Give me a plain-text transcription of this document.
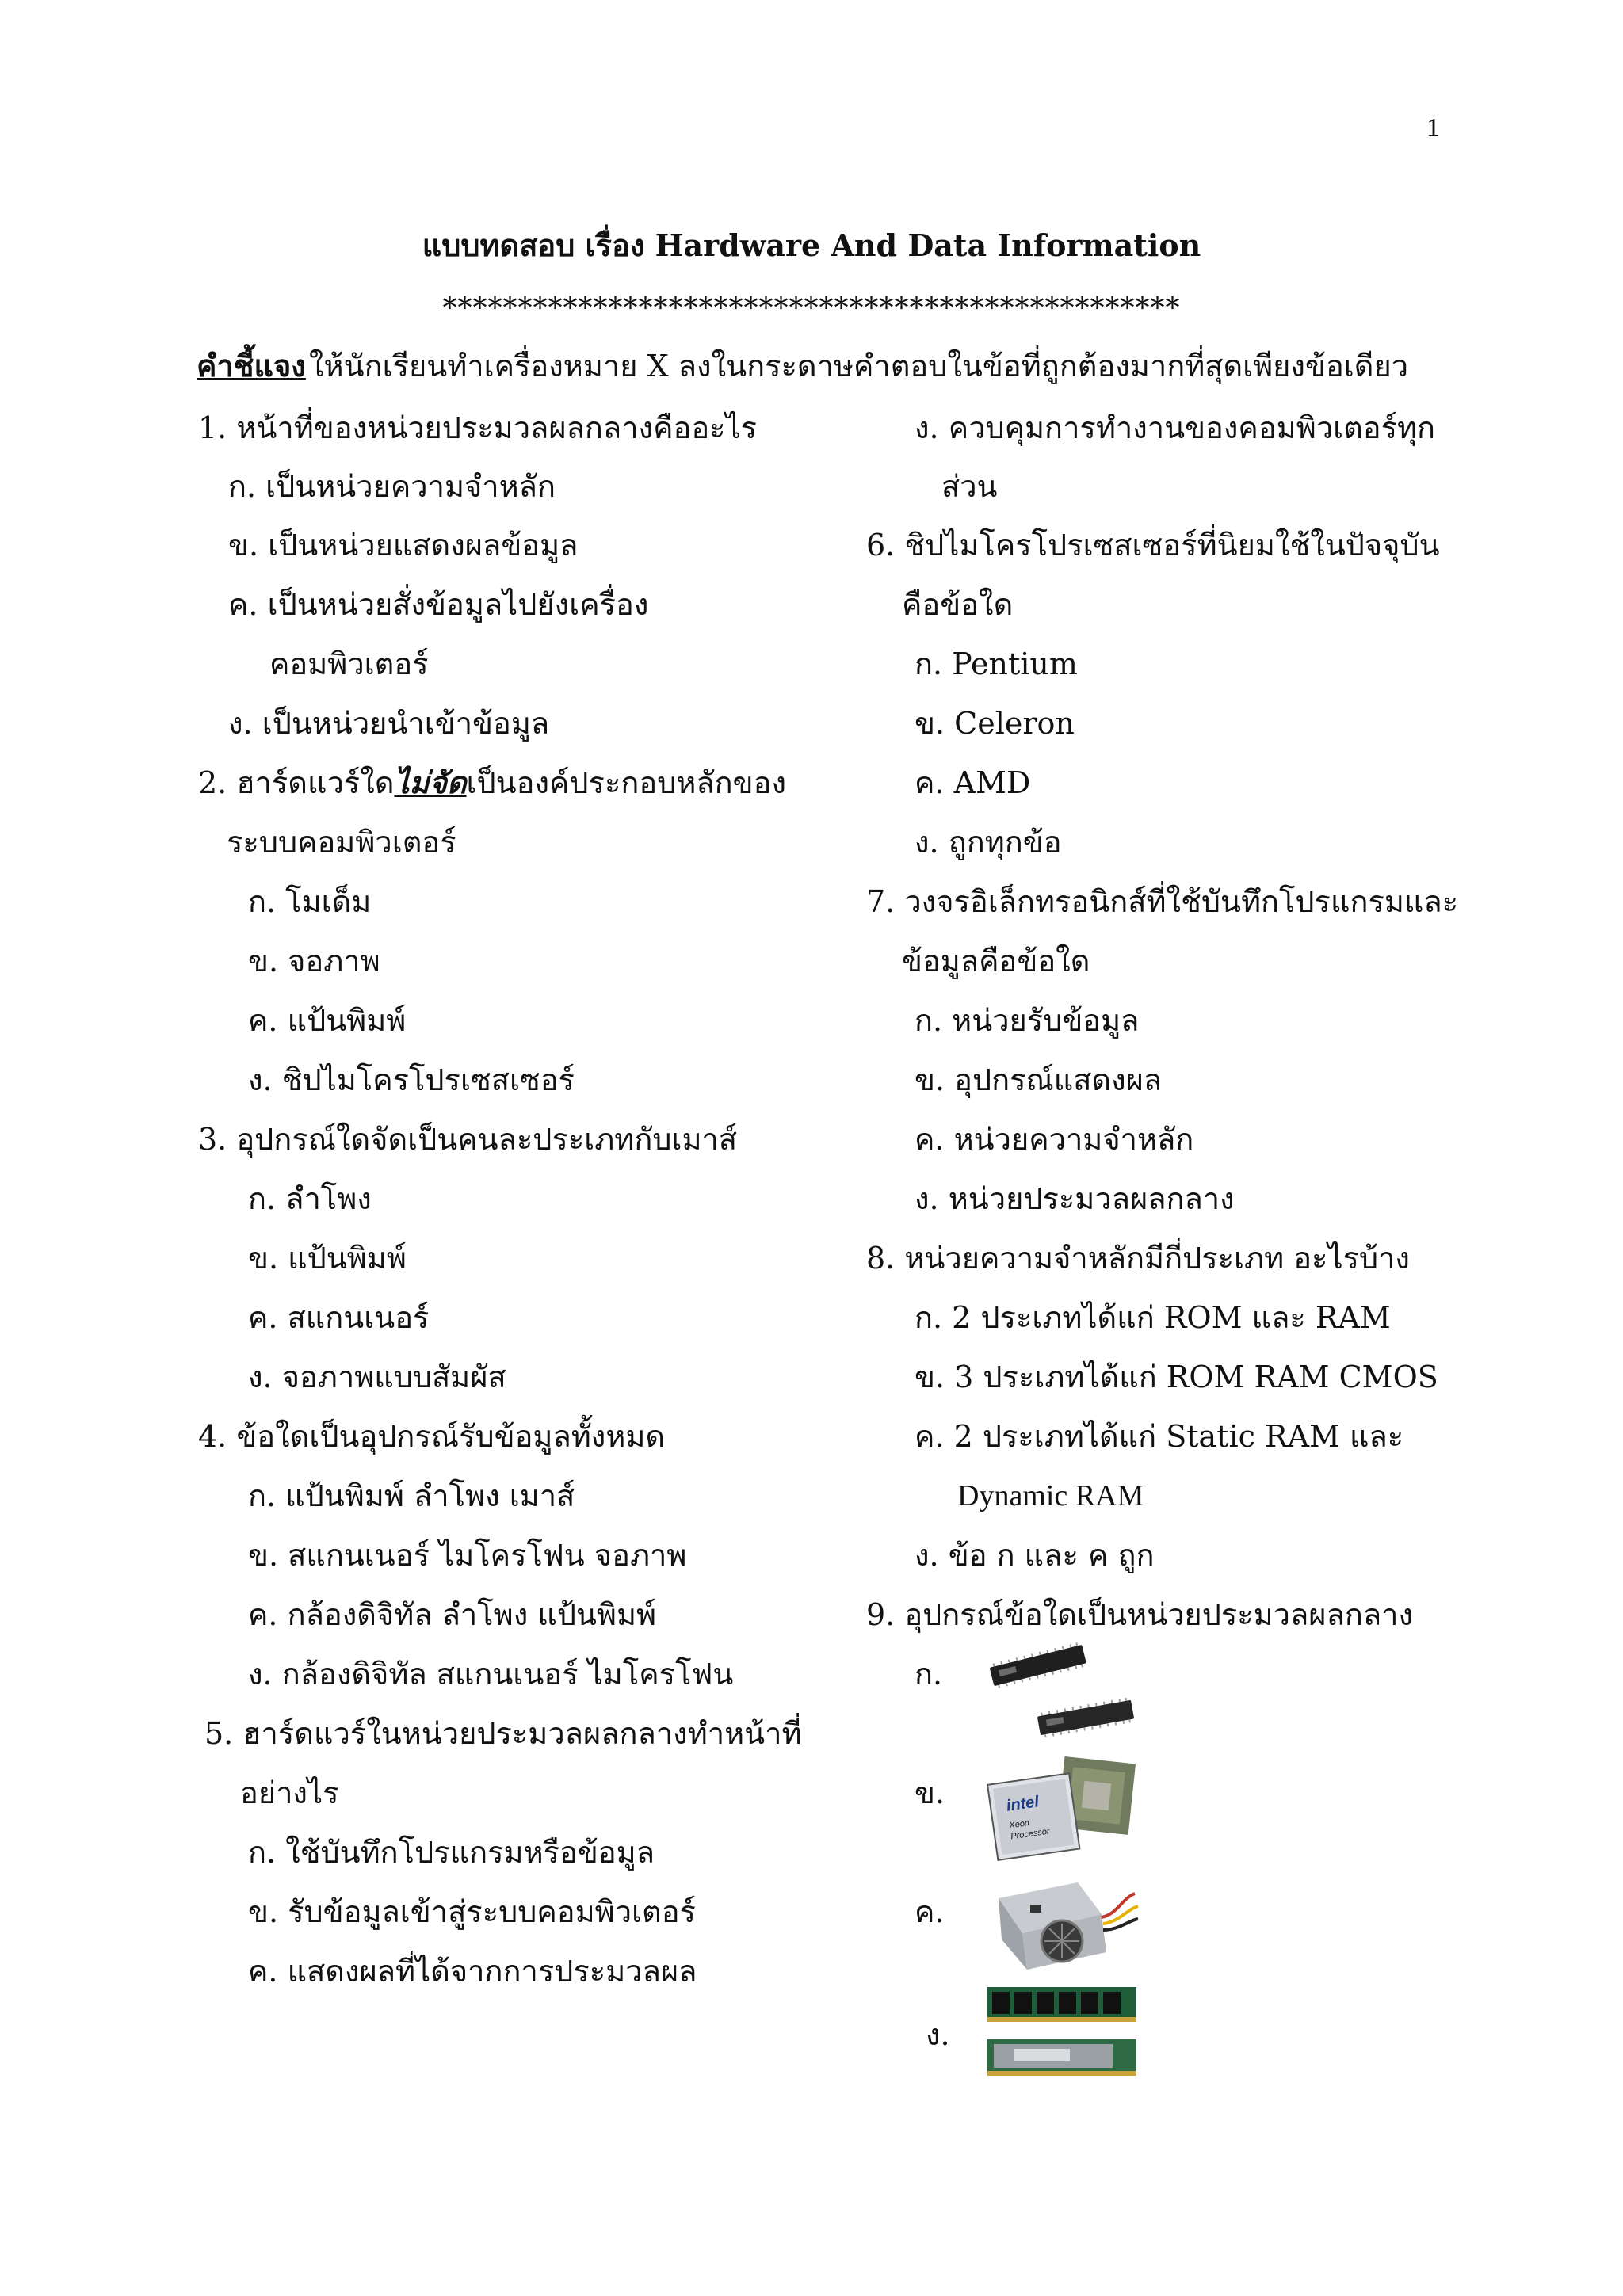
1
แบบทดสอบ เรื่อง Hardware And Data Information
*************************************************
คำชี้แจง ให้นักเรียนทำเครื่องหมาย X ลงในกระดาษคำตอบในข้อที่ถูกต้องมากที่สุดเพียงข้อเดียว
1. หน้าที่ของหน่วยประมวลผลกลางคืออะไร
ก. เป็นหน่วยความจำหลัก
ข. เป็นหน่วยแสดงผลข้อมูล
ค. เป็นหน่วยสั่งข้อมูลไปยังเครื่อง
คอมพิวเตอร์
ง. เป็นหน่วยนำเข้าข้อมูล
2. ฮาร์ดแวร์ใดไม่จัดเป็นองค์ประกอบหลักของ
ระบบคอมพิวเตอร์
ก. โมเด็ม
ข. จอภาพ
ค. แป้นพิมพ์
ง. ชิปไมโครโปรเซสเซอร์
3. อุปกรณ์ใดจัดเป็นคนละประเภทกับเมาส์
ก. ลำโพง
ข. แป้นพิมพ์
ค. สแกนเนอร์
ง. จอภาพแบบสัมผัส
4. ข้อใดเป็นอุปกรณ์รับข้อมูลทั้งหมด
ก. แป้นพิมพ์ ลำโพง เมาส์
ข. สแกนเนอร์ ไมโครโฟน จอภาพ
ค. กล้องดิจิทัล ลำโพง แป้นพิมพ์
ง. กล้องดิจิทัล สแกนเนอร์ ไมโครโฟน
5. ฮาร์ดแวร์ในหน่วยประมวลผลกลางทำหน้าที่
อย่างไร
ก. ใช้บันทึกโปรแกรมหรือข้อมูล
ข. รับข้อมูลเข้าสู่ระบบคอมพิวเตอร์
ค. แสดงผลที่ได้จากการประมวลผล
ง. ควบคุมการทำงานของคอมพิวเตอร์ทุก
ส่วน
6. ชิปไมโครโปรเซสเซอร์ที่นิยมใช้ในปัจจุบัน
คือข้อใด
ก. Pentium
ข. Celeron
ค. AMD
ง. ถูกทุกข้อ
7. วงจรอิเล็กทรอนิกส์ที่ใช้บันทึกโปรแกรมและ
ข้อมูลคือข้อใด
ก. หน่วยรับข้อมูล
ข. อุปกรณ์แสดงผล
ค. หน่วยความจำหลัก
ง. หน่วยประมวลผลกลาง
8. หน่วยความจำหลักมีกี่ประเภท อะไรบ้าง
ก. 2 ประเภทได้แก่ ROM และ RAM
ข. 3 ประเภทได้แก่ ROM RAM CMOS
ค. 2 ประเภทได้แก่ Static RAM และ
Dynamic RAM
ง. ข้อ ก และ ค ถูก
9. อุปกรณ์ข้อใดเป็นหน่วยประมวลผลกลาง
ก.
ข.	intel
Xeon
Processor
ค.
ง.
